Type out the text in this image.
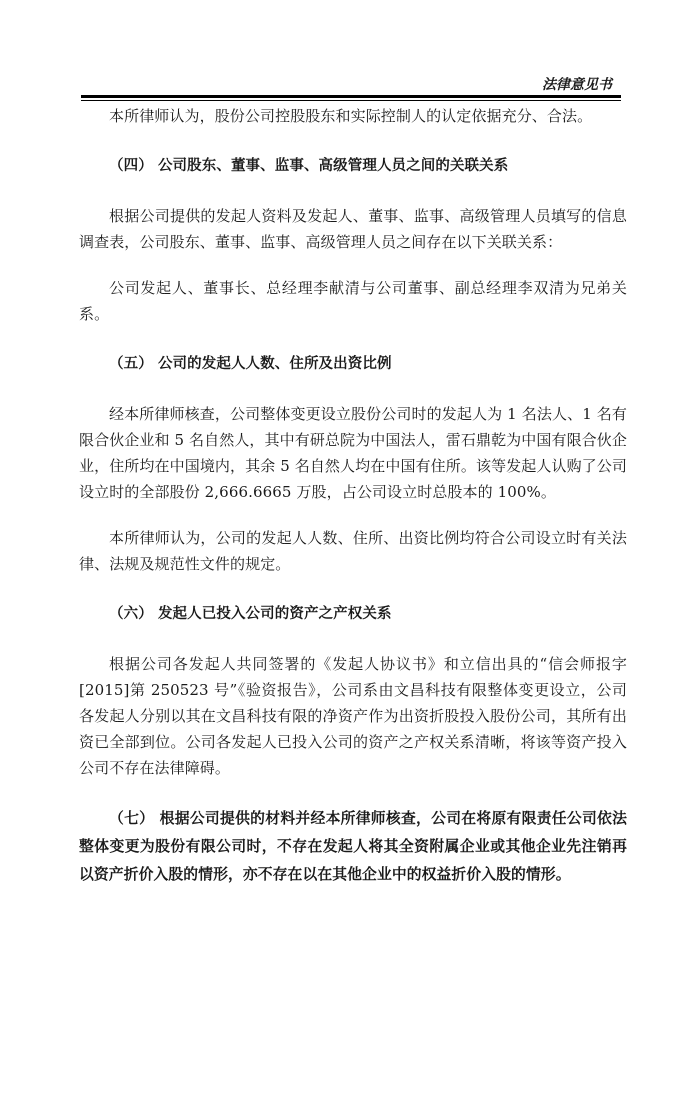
法律意见书

本所律师认为，股份公司控股股东和实际控制人的认定依据充分、合法。

（四） 公司股东、董事、监事、高级管理人员之间的关联关系

根据公司提供的发起人资料及发起人、董事、监事、高级管理人员填写的信息调查表，公司股东、董事、监事、高级管理人员之间存在以下关联关系：

公司发起人、董事长、总经理李献清与公司董事、副总经理李双清为兄弟关系。

（五） 公司的发起人人数、住所及出资比例

经本所律师核查，公司整体变更设立股份公司时的发起人为 1 名法人、1 名有限合伙企业和 5 名自然人，其中有研总院为中国法人，雷石鼎乾为中国有限合伙企业，住所均在中国境内，其余 5 名自然人均在中国有住所。该等发起人认购了公司设立时的全部股份 2,666.6665 万股，占公司设立时总股本的 100%。

本所律师认为，公司的发起人人数、住所、出资比例均符合公司设立时有关法律、法规及规范性文件的规定。

（六） 发起人已投入公司的资产之产权关系

根据公司各发起人共同签署的《发起人协议书》和立信出具的“信会师报字[2015]第 250523 号”《验资报告》，公司系由文昌科技有限整体变更设立，公司各发起人分别以其在文昌科技有限的净资产作为出资折股投入股份公司，其所有出资已全部到位。公司各发起人已投入公司的资产之产权关系清晰，将该等资产投入公司不存在法律障碍。

（七） 根据公司提供的材料并经本所律师核查，公司在将原有限责任公司依法整体变更为股份有限公司时，不存在发起人将其全资附属企业或其他企业先注销再以资产折价入股的情形，亦不存在以在其他企业中的权益折价入股的情形。
